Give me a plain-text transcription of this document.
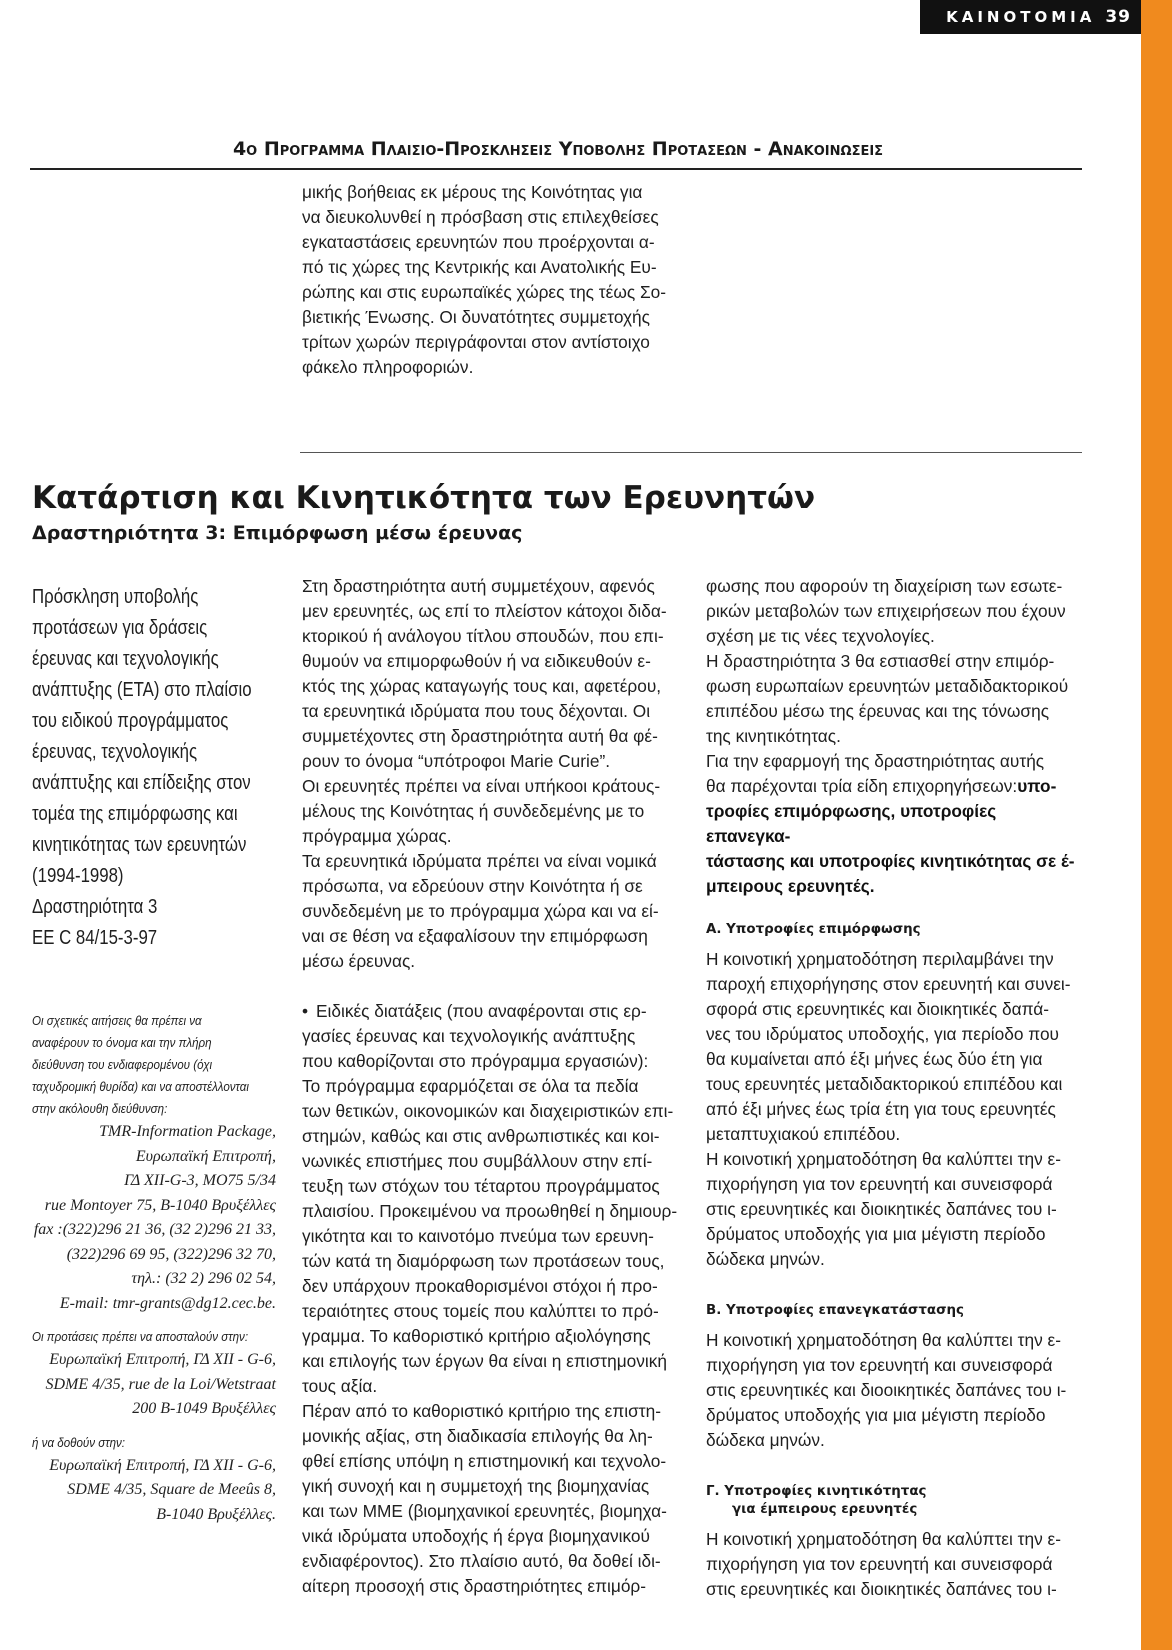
ΚΑΙΝΟΤΟΜΙΑ 39
4ο Πρoγραμμα Πλαισιο-Προσκλησεις Υποβολης Προτασεων - Ανακοινωσεις
μικής βοήθειας εκ μέρους της Κοινότητας για
να διευκολυνθεί η πρόσβαση στις επιλεχθείσες
εγκαταστάσεις ερευνητών που προέρχονται α-
πό τις χώρες της Κεντρικής και Ανατολικής Ευ-
ρώπης και στις ευρωπαϊκές χώρες της τέως Σο-
βιετικής Ένωσης. Οι δυνατότητες συμμετοχής
τρίτων χωρών περιγράφονται στον αντίστοιχο
φάκελο πληροφοριών.
Κατάρτιση και Κινητικότητα των Ερευνητών
Δραστηριότητα 3: Επιμόρφωση μέσω έρευνας
Πρόσκληση υποβολής
προτάσεων για δράσεις
έρευνας και τεχνολογικής
ανάπτυξης (ΕΤΑ) στο πλαίσιο
του ειδικού προγράμματος
έρευνας, τεχνολογικής
ανάπτυξης και επίδειξης στον
τομέα της επιμόρφωσης και
κινητικότητας των ερευνητών
(1994-1998)
Δραστηριότητα 3
ΕΕ C 84/15-3-97
Οι σχετικές αιτήσεις θα πρέπει να
αναφέρουν το όνομα και την πλήρη
διεύθυνση του ενδιαφερομένου (όχι
ταχυδρομική θυρίδα) και να αποστέλλονται
στην ακόλουθη διεύθυνση:
TMR-Information Package,
Ευρωπαϊκή Επιτροπή,
ΓΔ XII-G-3, MO75 5/34
rue Montoyer 75, B-1040 Βρυξέλλες
fax :(322)296 21 36, (32 2)296 21 33,
(322)296 69 95, (322)296 32 70,
τηλ.: (32 2) 296 02 54,
E-mail: tmr-grants@dg12.cec.be.
Οι προτάσεις πρέπει να αποσταλούν στην:
Ευρωπαϊκή Επιτροπή, ΓΔ XII - G-6,
SDME 4/35, rue de la Loi/Wetstraat
200 B-1049 Βρυξέλλες
ή να δοθούν στην:
Ευρωπαϊκή Επιτροπή, ΓΔ XII - G-6,
SDME 4/35, Square de Meeûs 8,
B-1040 Βρυξέλλες.

Στη δραστηριότητα αυτή συμμετέχουν, αφενός
μεν ερευνητές, ως επί το πλείστον κάτοχοι διδα-
κτορικού ή ανάλογου τίτλου σπουδών, που επι-
θυμούν να επιμορφωθούν ή να ειδικευθούν ε-
κτός της χώρας καταγωγής τους και, αφετέρου,
τα ερευνητικά ιδρύματα που τους δέχονται. Οι
συμμετέχοντες στη δραστηριότητα αυτή θα φέ-
ρουν το όνομα “υπότροφοι Marie Curie”.

Οι ερευνητές πρέπει να είναι υπήκοοι κράτους-
μέλους της Κοινότητας ή συνδεδεμένης με το
πρόγραμμα χώρας.

Τα ερευνητικά ιδρύματα πρέπει να είναι νομικά
πρόσωπα, να εδρεύουν στην Κοινότητα ή σε
συνδεδεμένη με το πρόγραμμα χώρα και να εί-
ναι σε θέση να εξαφαλίσουν την επιμόρφωση
μέσω έρευνας.

• Ειδικές διατάξεις (που αναφέρονται στις ερ-
γασίες έρευνας και τεχνολογικής ανάπτυξης
που καθορίζονται στο πρόγραμμα εργασιών):

Το πρόγραμμα εφαρμόζεται σε όλα τα πεδία
των θετικών, οικονομικών και διαχειριστικών επι-
στημών, καθώς και στις ανθρωπιστικές και κοι-
νωνικές επιστήμες που συμβάλλουν στην επί-
τευξη των στόχων του τέταρτου προγράμματος
πλαισίου. Προκειμένου να προωθηθεί η δημιουρ-
γικότητα και το καινοτόμο πνεύμα των ερευνη-
τών κατά τη διαμόρφωση των προτάσεων τους,
δεν υπάρχουν προκαθορισμένοι στόχοι ή προ-
τεραιότητες στους τομείς που καλύπτει το πρό-
γραμμα. Το καθοριστικό κριτήριο αξιολόγησης
και επιλογής των έργων θα είναι η επιστημονική
τους αξία.

Πέραν από το καθοριστικό κριτήριο της επιστη-
μονικής αξίας, στη διαδικασία επιλογής θα λη-
φθεί επίσης υπόψη η επιστημονική και τεχνολο-
γική συνοχή και η συμμετοχή της βιομηχανίας
και των ΜΜΕ (βιομηχανικοί ερευνητές, βιομηχα-
νικά ιδρύματα υποδοχής ή έργα βιομηχανικού
ενδιαφέροντος). Στο πλαίσιο αυτό, θα δοθεί ιδι-
αίτερη προσοχή στις δραστηριότητες επιμόρ-

φωσης που αφορούν τη διαχείριση των εσωτε-
ρικών μεταβολών των επιχειρήσεων που έχουν
σχέση με τις νέες τεχνολογίες.

Η δραστηριότητα 3 θα εστιασθεί στην επιμόρ-
φωση ευρωπαίων ερευνητών μεταδιδακτορικού
επιπέδου μέσω της έρευνας και της τόνωσης
της κινητικότητας.

Για την εφαρμογή της δραστηριότητας αυτής
θα παρέχονται τρία είδη επιχορηγήσεων:υπο-
τροφίες επιμόρφωσης, υποτροφίες επανεγκα-
τάστασης και υποτροφίες κινητικότητας σε έ-
μπειρους ερευνητές.

Α. Υποτροφίες επιμόρφωσης

Η κοινοτική χρηματοδότηση περιλαμβάνει την
παροχή επιχορήγησης στον ερευνητή και συνει-
σφορά στις ερευνητικές και διοικητικές δαπά-
νες του ιδρύματος υποδοχής, για περίοδο που
θα κυμαίνεται από έξι μήνες έως δύο έτη για
τους ερευνητές μεταδιδακτορικού επιπέδου και
από έξι μήνες έως τρία έτη για τους ερευνητές
μεταπτυχιακού επιπέδου.

Η κοινοτική χρηματοδότηση θα καλύπτει την ε-
πιχορήγηση για τον ερευνητή και συνεισφορά
στις ερευνητικές και διοικητικές δαπάνες του ι-
δρύματος υποδοχής για μια μέγιστη περίοδο
δώδεκα μηνών.

Β. Υποτροφίες επανεγκατάστασης

Η κοινοτική χρηματοδότηση θα καλύπτει την ε-
πιχορήγηση για τον ερευνητή και συνεισφορά
στις ερευνητικές και διοοικητικές δαπάνες του ι-
δρύματος υποδοχής για μια μέγιστη περίοδο
δώδεκα μηνών.

Γ. Υποτροφίες κινητικότητας
για έμπειρους ερευνητές

Η κοινοτική χρηματοδότηση θα καλύπτει την ε-
πιχορήγηση για τον ερευνητή και συνεισφορά
στις ερευνητικές και διοικητικές δαπάνες του ι-
